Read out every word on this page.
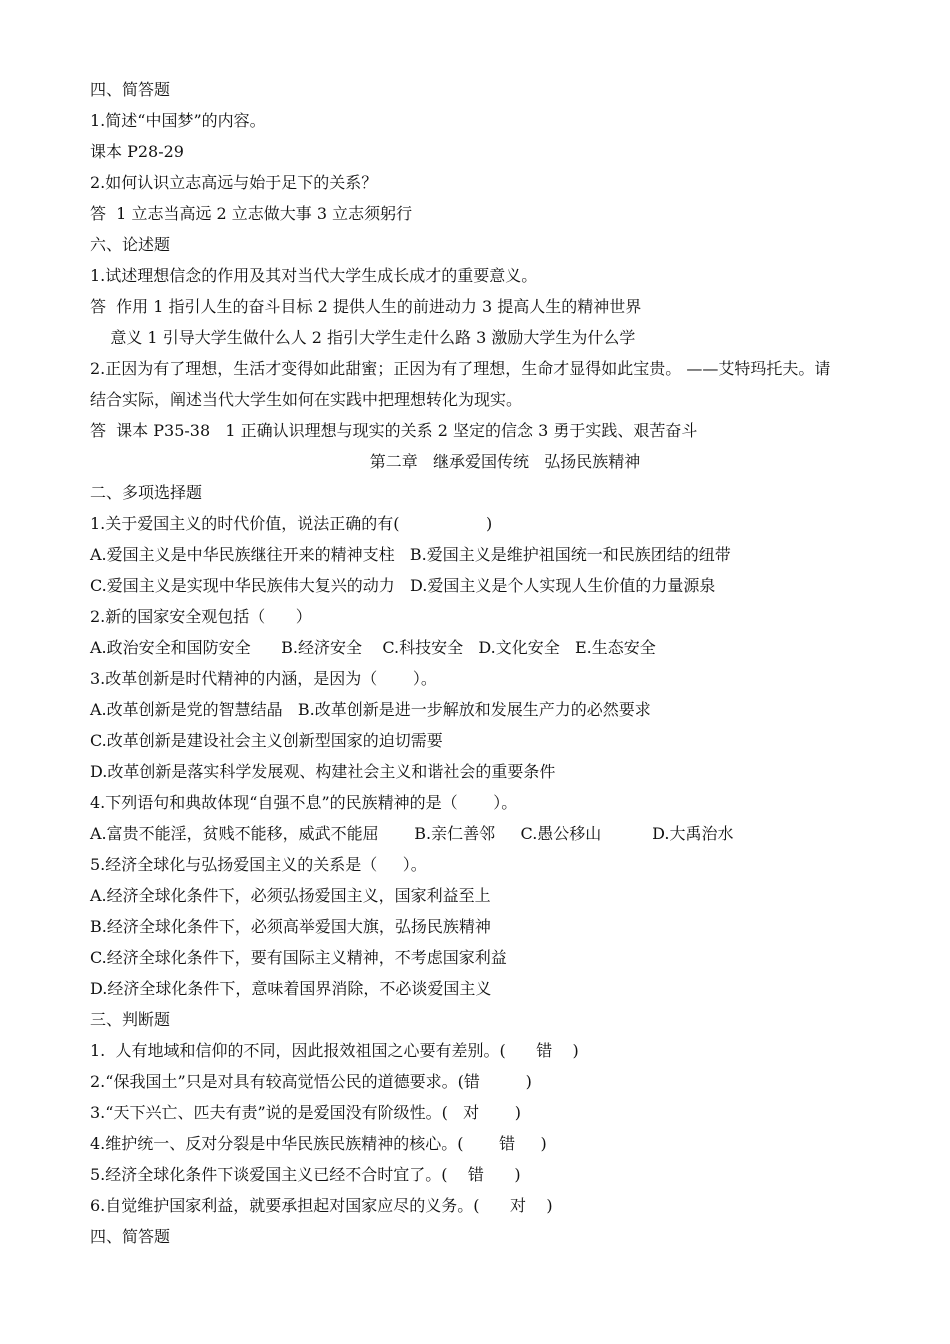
四、简答题
1.简述“中国梦”的内容。
课本 P28-29
2.如何认识立志高远与始于足下的关系？
答  1 立志当高远 2 立志做大事 3 立志须躬行
六、论述题
1.试述理想信念的作用及其对当代大学生成长成才的重要意义。
答  作用 1 指引人生的奋斗目标 2 提供人生的前进动力 3 提高人生的精神世界
意义 1 引导大学生做什么人 2 指引大学生走什么路 3 激励大学生为什么学
2.正因为有了理想，生活才变得如此甜蜜；正因为有了理想，生命才显得如此宝贵。 ——艾特玛托夫。请
结合实际，阐述当代大学生如何在实践中把理想转化为现实。
答  课本 P35-38   1 正确认识理想与现实的关系 2 坚定的信念 3 勇于实践、艰苦奋斗
第二章   继承爱国传统   弘扬民族精神
二、多项选择题
1.关于爱国主义的时代价值，说法正确的有(                 )
A.爱国主义是中华民族继往开来的精神支柱   B.爱国主义是维护祖国统一和民族团结的纽带
C.爱国主义是实现中华民族伟大复兴的动力   D.爱国主义是个人实现人生价值的力量源泉
2.新的国家安全观包括（      ）
A.政治安全和国防安全      B.经济安全    C.科技安全   D.文化安全   E.生态安全
3.改革创新是时代精神的内涵，是因为（       ）。
A.改革创新是党的智慧结晶   B.改革创新是进一步解放和发展生产力的必然要求
C.改革创新是建设社会主义创新型国家的迫切需要
D.改革创新是落实科学发展观、构建社会主义和谐社会的重要条件
4.下列语句和典故体现“自强不息”的民族精神的是（       ）。
A.富贵不能淫，贫贱不能移，威武不能屈       B.亲仁善邻     C.愚公移山          D.大禹治水
5.经济全球化与弘扬爱国主义的关系是（     ）。
A.经济全球化条件下，必须弘扬爱国主义，国家利益至上
B.经济全球化条件下，必须高举爱国大旗，弘扬民族精神
C.经济全球化条件下，要有国际主义精神，不考虑国家利益
D.经济全球化条件下，意味着国界消除，不必谈爱国主义
三、判断题
1.  人有地域和信仰的不同，因此报效祖国之心要有差别。(      错    )
2.“保我国土”只是对具有较高觉悟公民的道德要求。(错         )
3.“天下兴亡、匹夫有责”说的是爱国没有阶级性。(   对       )
4.维护统一、反对分裂是中华民族民族精神的核心。(       错     )
5.经济全球化条件下谈爱国主义已经不合时宜了。(    错      )
6.自觉维护国家利益，就要承担起对国家应尽的义务。(      对    )
四、简答题
